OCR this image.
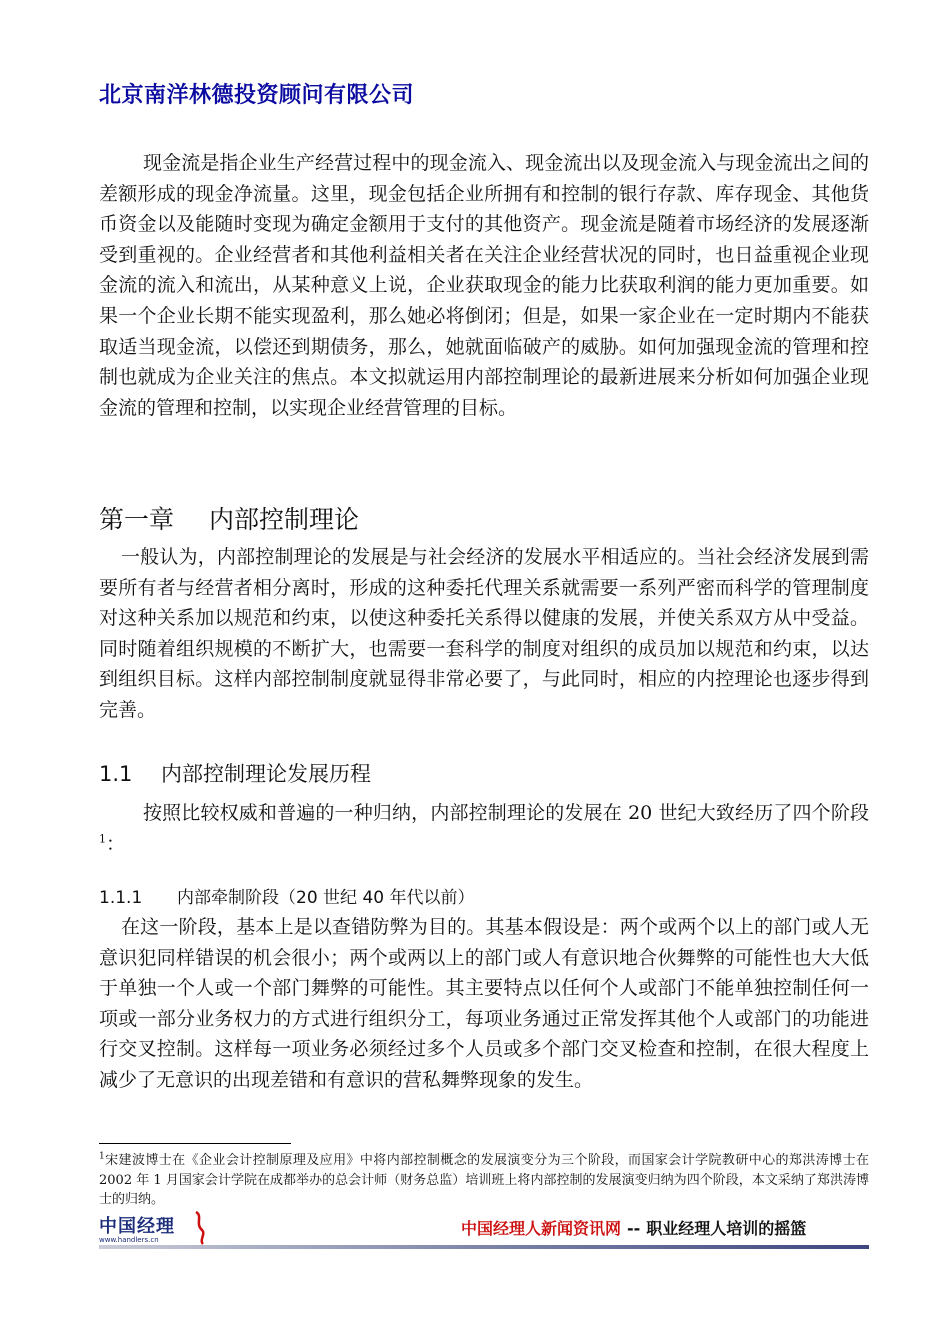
北京南洋林德投资顾问有限公司

现金流是指企业生产经营过程中的现金流入、现金流出以及现金流入与现金流出之间的差额形成的现金净流量。这里，现金包括企业所拥有和控制的银行存款、库存现金、其他货币资金以及能随时变现为确定金额用于支付的其他资产。现金流是随着市场经济的发展逐渐受到重视的。企业经营者和其他利益相关者在关注企业经营状况的同时，也日益重视企业现金流的流入和流出，从某种意义上说，企业获取现金的能力比获取利润的能力更加重要。如果一个企业长期不能实现盈利，那么她必将倒闭；但是，如果一家企业在一定时期内不能获取适当现金流，以偿还到期债务，那么，她就面临破产的威胁。如何加强现金流的管理和控制也就成为企业关注的焦点。本文拟就运用内部控制理论的最新进展来分析如何加强企业现金流的管理和控制，以实现企业经营管理的目标。

第一章 内部控制理论

一般认为，内部控制理论的发展是与社会经济的发展水平相适应的。当社会经济发展到需要所有者与经营者相分离时，形成的这种委托代理关系就需要一系列严密而科学的管理制度对这种关系加以规范和约束，以使这种委托关系得以健康的发展，并使关系双方从中受益。同时随着组织规模的不断扩大，也需要一套科学的制度对组织的成员加以规范和约束，以达到组织目标。这样内部控制制度就显得非常必要了，与此同时，相应的内控理论也逐步得到完善。

1.1 内部控制理论发展历程

按照比较权威和普遍的一种归纳，内部控制理论的发展在 20 世纪大致经历了四个阶段$^1$：

1.1.1 内部牵制阶段（20 世纪 40 年代以前）

在这一阶段，基本上是以查错防弊为目的。其基本假设是：两个或两个以上的部门或人无意识犯同样错误的机会很小；两个或两以上的部门或人有意识地合伙舞弊的可能性也大大低于单独一个人或一个部门舞弊的可能性。其主要特点以任何个人或部门不能单独控制任何一项或一部分业务权力的方式进行组织分工，每项业务通过正常发挥其他个人或部门的功能进行交叉控制。这样每一项业务必须经过多个人员或多个部门交叉检查和控制，在很大程度上减少了无意识的出现差错和有意识的营私舞弊现象的发生。

$^1$宋建波博士在《企业会计控制原理及应用》中将内部控制概念的发展演变分为三个阶段，而国家会计学院教研中心的郑洪涛博士在 2002 年 1 月国家会计学院在成都举办的总会计师（财务总监）培训班上将内部控制的发展演变归纳为四个阶段，本文采纳了郑洪涛博士的归纳。

中国经理
www.handlers.cn
中国经理人新闻资讯网 -- 职业经理人培训的摇篮
